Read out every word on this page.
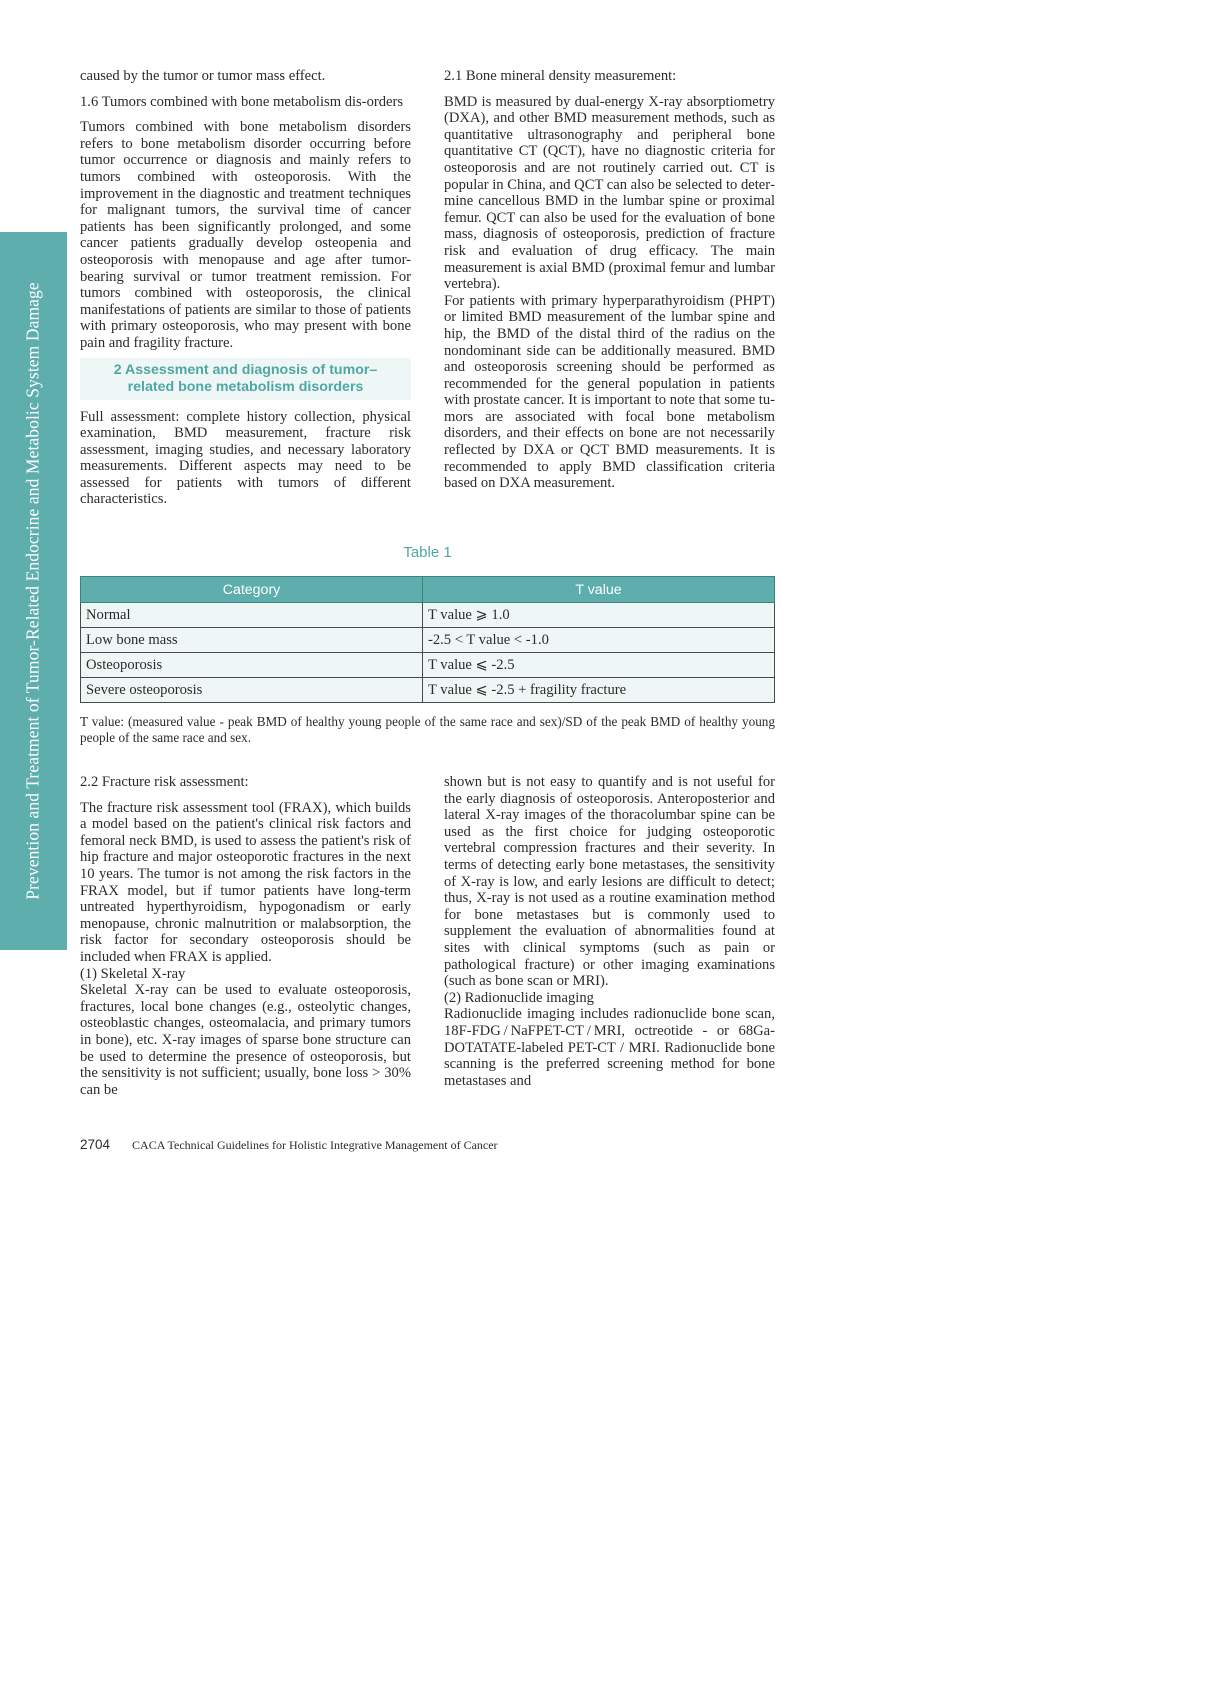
Prevention and Treatment of Tumor-Related Endocrine and Metabolic System Damage

caused by the tumor or tumor mass effect.

1.6 Tumors combined with bone metabolism dis-orders

Tumors combined with bone metabolism disorders refers to bone metabolism disorder occurring before tumor occurrence or diagnosis and mainly refers to tumors combined with osteoporosis. With the improvement in the diagnostic and treatment techniques for malignant tumors, the survival time of cancer patients has been significantly prolonged, and some cancer patients gradually develop osteopenia and osteoporosis with menopause and age after tumor-bearing survival or tumor treatment remission. For tumors combined with osteoporosis, the clinical manifestations of patients are similar to those of patients with primary osteoporosis, who may present with bone pain and fragility fracture.

2 Assessment and diagnosis of tumor–
related bone metabolism disorders

Full assessment: complete history collection, physical examination, BMD measurement, fracture risk assessment, imaging studies, and necessary laboratory measurements. Different aspects may need to be assessed for patients with tumors of different characteristics.

2.1 Bone mineral density measurement:

BMD is measured by dual-energy X-ray absorptiometry (DXA), and other BMD measurement methods, such as quantitative ultrasonography and peripheral bone quantitative CT (QCT), have no diagnostic criteria for osteoporosis and are not routinely carried out. CT is popular in China, and QCT can also be selected to determine cancellous BMD in the lumbar spine or proximal femur. QCT can also be used for the evaluation of bone mass, diagnosis of osteoporosis, prediction of fracture risk and evaluation of drug efficacy. The main measurement is axial BMD (proximal femur and lumbar vertebra).

For patients with primary hyperparathyroidism (PHPT) or limited BMD measurement of the lumbar spine and hip, the BMD of the distal third of the radius on the nondominant side can be additionally measured. BMD and osteoporosis screening should be performed as recommended for the general population in patients with prostate cancer. It is important to note that some tumors are associated with focal bone metabolism disorders, and their effects on bone are not necessarily reflected by DXA or QCT BMD measurements. It is recommended to apply BMD classification criteria based on DXA measurement.

Table 1
Category	T value
Normal	T value ⩾ 1.0
Low bone mass	-2.5 < T value < -1.0
Osteoporosis	T value ⩽ -2.5
Severe osteoporosis	T value ⩽ -2.5 + fragility fracture
T value: (measured value - peak BMD of healthy young people of the same race and sex)/SD of the peak BMD of healthy young people of the same race and sex.

2.2 Fracture risk assessment:

The fracture risk assessment tool (FRAX), which builds a model based on the patient's clinical risk factors and femoral neck BMD, is used to assess the patient's risk of hip fracture and major osteoporotic fractures in the next 10 years. The tumor is not among the risk factors in the FRAX model, but if tumor patients have long-term untreated hyperthyroidism, hypogonadism or early menopause, chronic malnutrition or malabsorption, the risk factor for secondary osteoporosis should be included when FRAX is applied.

(1) Skeletal X-ray

Skeletal X-ray can be used to evaluate osteoporosis, fractures, local bone changes (e.g., osteolytic changes, osteoblastic changes, osteomalacia, and primary tumors in bone), etc. X-ray images of sparse bone structure can be used to determine the presence of osteoporosis, but the sensitivity is not sufficient; usually, bone loss > 30% can be

shown but is not easy to quantify and is not useful for the early diagnosis of osteoporosis. Anteroposterior and lateral X-ray images of the thoracolumbar spine can be used as the first choice for judging osteoporotic vertebral compression fractures and their severity. In terms of detecting early bone metastases, the sensitivity of X-ray is low, and early lesions are difficult to detect; thus, X-ray is not used as a routine examination method for bone metastases but is commonly used to supplement the evaluation of abnormalities found at sites with clinical symptoms (such as pain or pathological fracture) or other imaging examinations (such as bone scan or MRI).

(2) Radionuclide imaging

Radionuclide imaging includes radionuclide bone scan, 18F-FDG / NaFPET-CT / MRI, octreotide - or 68Ga-DOTATATE-labeled PET-CT / MRI. Radionuclide bone scanning is the preferred screening method for bone metastases and

2704 CACA Technical Guidelines for Holistic Integrative Management of Cancer
